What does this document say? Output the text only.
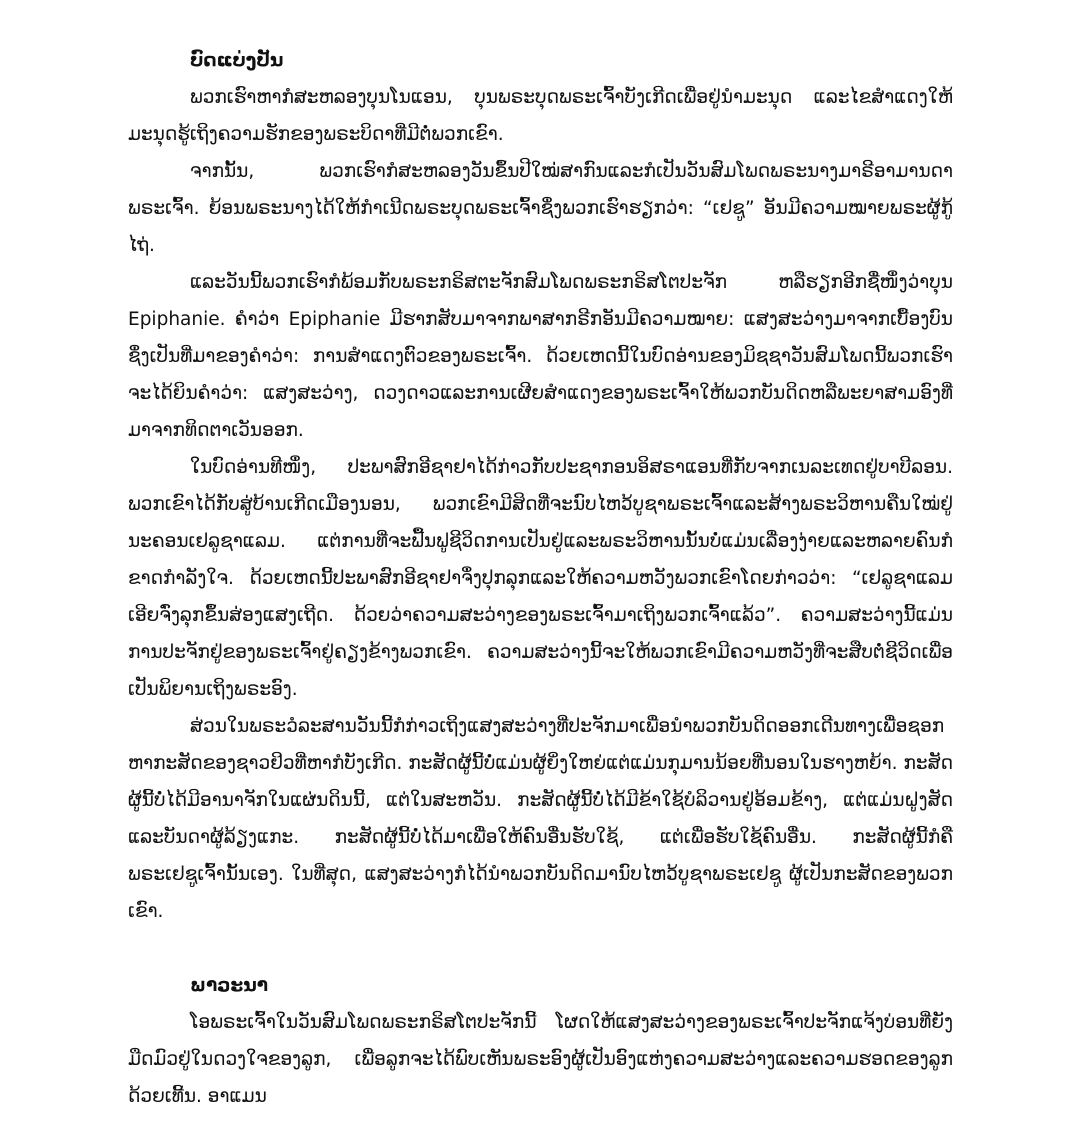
ບົດແບ່ງປັນ

ພວກເຮົາຫາກໍສະຫລອງບຸນໂນແອນ, ບຸນພຣະບຸດພຣະເຈົ້າບັງເກີດເພື່ອຢູ່ນຳມະນຸດ ແລະໄຂສຳແດງໃຫ້ມະນຸດຮູ້ເຖິງຄວາມຮັກຂອງພຣະບິດາທີ່ມີຕໍ່ພວກເຂົາ.

ຈາກນັ້ນ, ພວກເຮົາກໍສະຫລອງວັນຂຶ້ນປີໃໝ່ສາກົນແລະກໍເປັນວັນສົມໂພດພຣະນາງມາຣີອາມານດາພຣະເຈົ້າ. ຍ້ອນພຣະນາງໄດ້ໃຫ້ກຳເນີດພຣະບຸດພຣະເຈົ້າຊຶ່ງພວກເຮົາຮຽກວ່າ: “ເຢຊູ” ອັນມີຄວາມໝາຍພຣະຜູ້ກູ້ໄຖ່.

ແລະວັນນີ້ພວກເຮົາກໍພ້ອມກັບພຣະກຣິສຕະຈັກສົມໂພດພຣະກຣິສໂຕປະຈັກ ຫລືຮຽກອີກຊື່ໜຶ່ງວ່າບຸນ Epiphanie. ຄຳວ່າ Epiphanie ມີຮາກສັບມາຈາກພາສາກຣີກອັນມີຄວາມໝາຍ: ແສງສະວ່າງມາຈາກເບື້ອງບົນຊຶ່ງເປັນທີ່ມາຂອງຄຳວ່າ: ການສຳແດງຕົວຂອງພຣະເຈົ້າ. ດ້ວຍເຫດນີ້ໃນບົດອ່ານຂອງມິຊຊາວັນສົມໂພດນີ້ພວກເຮົາຈະໄດ້ຍິນຄຳວ່າ: ແສງສະວ່າງ, ດວງດາວແລະການເຜີຍສຳແດງຂອງພຣະເຈົ້າໃຫ້ພວກບັນດິດຫລືພະຍາສາມອົງທີ່ມາຈາກທິດຕາເວັນອອກ.

ໃນບົດອ່ານທີໜຶ່ງ, ປະພາສົກອີຊາຢາໄດ້ກ່າວກັບປະຊາກອນອິສຣາແອນທີ່ກັບຈາກເນລະເທດຢູ່ບາບີລອນ. ພວກເຂົາໄດ້ກັບສູ່ບ້ານເກີດເມືອງນອນ, ພວກເຂົາມີສິດທີ່ຈະນົບໄຫວ້ບູຊາພຣະເຈົ້າແລະສ້າງພຣະວິຫານຄືນໃໝ່ຢູ່ນະຄອນເຢລູຊາແລມ. ແຕ່ການທີ່ຈະຟື້ນຟູຊີວິດການເປັນຢູ່ແລະພຣະວິຫານນັ້ນບໍ່ແມ່ນເລື່ອງງ່າຍແລະຫລາຍຄົນກໍຂາດກຳລັງໃຈ. ດ້ວຍເຫດນີ້ປະພາສົກອີຊາຢາຈຶ່ງປຸກລຸກແລະໃຫ້ຄວາມຫວັງພວກເຂົາໂດຍກ່າວວ່າ: “ເຢລູຊາແລມເອີຍຈົ່ງລຸກຂຶ້ນສ່ອງແສງເຖີດ. ດ້ວຍວ່າຄວາມສະວ່າງຂອງພຣະເຈົ້າມາເຖິງພວກເຈົ້າແລ້ວ”. ຄວາມສະວ່າງນີ້ແມ່ນການປະຈັກຢູ່ຂອງພຣະເຈົ້າຢູ່ຄຽງຂ້າງພວກເຂົາ. ຄວາມສະວ່າງນີ້ຈະໃຫ້ພວກເຂົາມີຄວາມຫວັງທີ່ຈະສືບຕໍ່ຊີວິດເພື່ອເປັນພິຍານເຖິງພຣະອົງ.

ສ່ວນໃນພຣະວໍລະສານວັນນີ້ກໍກ່າວເຖິງແສງສະວ່າງທີ່ປະຈັກມາເພື່ອນຳພວກບັນດິດອອກເດີນທາງເພື່ອຊອກຫາກະສັດຂອງຊາວຢິວທີ່ຫາກໍບັງເກີດ. ກະສັດຜູ້ນີ້ບໍ່ແມ່ນຜູ້ຍິ່ງໃຫຍ່ແຕ່ແມ່ນກຸມານນ້ອຍທີ່ນອນໃນຮາງຫຍ້າ. ກະສັດຜູ້ນີ້ບໍ່ໄດ້ມີອານາຈັກໃນແຜ່ນດິນນີ້, ແຕ່ໃນສະຫວັນ. ກະສັດຜູ້ນີ້ບໍ່ໄດ້ມີຂ້າໃຊ້ບໍລິວານຢູ່ອ້ອມຂ້າງ, ແຕ່ແມ່ນຝູງສັດແລະບັນດາຜູ້ລ້ຽງແກະ. ກະສັດຜູ້ນີ້ບໍ່ໄດ້ມາເພື່ອໃຫ້ຄົນອື່ນຮັບໃຊ້, ແຕ່ເພື່ອຮັບໃຊ້ຄົນອື່ນ. ກະສັດຜູ້ນີ້ກໍຄືພຣະເຢຊູເຈົ້ານັ້ນເອງ. ໃນທີ່ສຸດ, ແສງສະວ່າງກໍໄດ້ນຳພວກບັນດິດມານົບໄຫວ້ບູຊາພຣະເຢຊູ ຜູ້ເປັນກະສັດຂອງພວກເຂົາ.

ພາວະນາ

ໂອພຣະເຈົ້າໃນວັນສົມໂພດພຣະກຣິສໂຕປະຈັກນີ້ ໂຜດໃຫ້ແສງສະວ່າງຂອງພຣະເຈົ້າປະຈັກແຈ້ງບ່ອນທີ່ຍັງມືດມົວຢູ່ໃນດວງໃຈຂອງລູກ, ເພື່ອລູກຈະໄດ້ພົບເຫັນພຣະອົງຜູ້ເປັນອົງແຫ່ງຄວາມສະວ່າງແລະຄວາມຮອດຂອງລູກດ້ວຍເທີ້ນ. ອາແມນ
